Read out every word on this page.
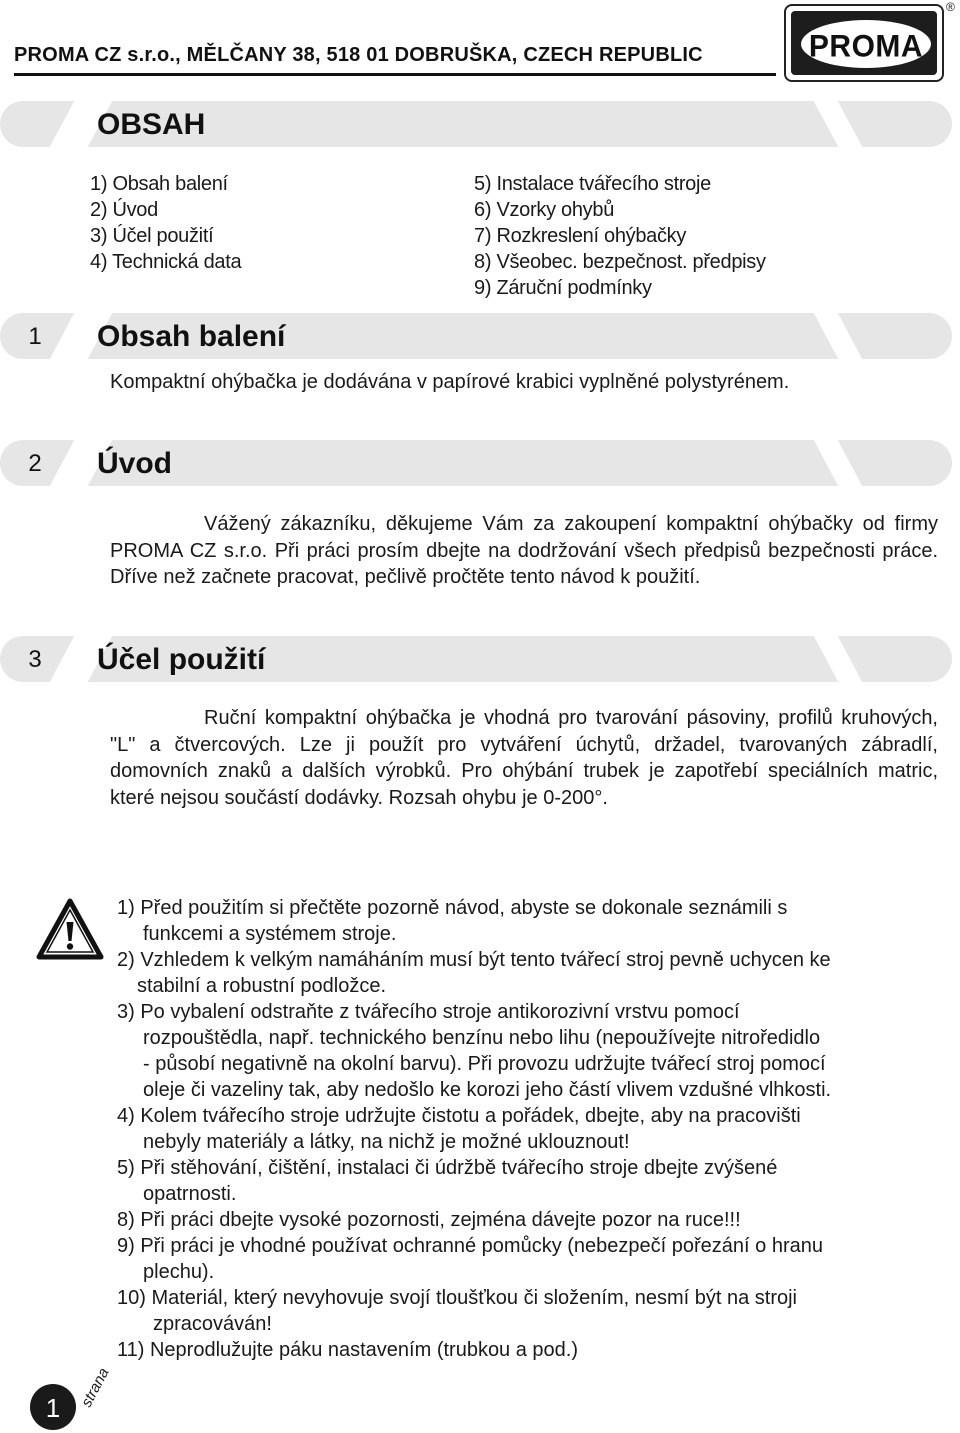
PROMA CZ s.r.o., MĚLČANY 38, 518 01 DOBRUŠKA, CZECH REPUBLIC	PROMA
®
OBSAH
1) Obsah balení
2) Úvod
3) Účel použití
4) Technická data
5) Instalace tvářecího stroje
6) Vzorky ohybů
7) Rozkreslení ohýbačky
8) Všeobec. bezpečnost. předpisy
9) Záruční podmínky
1	Obsah balení
Kompaktní ohýbačka je dodávána v papírové krabici vyplněné polystyrénem.
2	Úvod
Vážený zákazníku, děkujeme Vám za zakoupení kompaktní ohýbačky od firmy PROMA CZ s.r.o. Při práci prosím dbejte na dodržování všech předpisů bezpečnosti práce. Dříve než začnete pracovat, pečlivě pročtěte tento návod k použití.
3	Účel použití
Ruční kompaktní ohýbačka je vhodná pro tvarování pásoviny, profilů kruhových, "L" a čtvercových. Lze ji použít pro vytváření úchytů, držadel, tvarovaných zábradlí, domovních znaků a dalších výrobků. Pro ohýbání trubek je zapotřebí speciálních matric, které nejsou součástí dodávky. Rozsah ohybu je 0-200°.
1) Před použitím si přečtěte pozorně návod, abyste se dokonale seznámili s
funkcemi a systémem stroje.
2) Vzhledem k velkým namáháním musí být tento tvářecí stroj pevně uchycen ke
stabilní a robustní podložce.
3) Po vybalení odstraňte z tvářecího stroje antikorozivní vrstvu pomocí
rozpouštědla, např. technického benzínu nebo lihu (nepoužívejte nitroředidlo
- působí negativně na okolní barvu). Při provozu udržujte tvářecí stroj pomocí
oleje či vazeliny tak, aby nedošlo ke korozi jeho částí vlivem vzdušné vlhkosti.
4) Kolem tvářecího stroje udržujte čistotu a pořádek, dbejte, aby na pracovišti
nebyly materiály a látky, na nichž je možné uklouznout!
5) Při stěhování, čištění, instalaci či údržbě tvářecího stroje dbejte zvýšené
opatrnosti.
8) Při práci dbejte vysoké pozornosti, zejména dávejte pozor na ruce!!!
9) Při práci je vhodné používat ochranné pomůcky (nebezpečí pořezání o hranu
plechu).
10) Materiál, který nevyhovuje svojí tloušťkou či složením, nesmí být na stroji
zpracováván!
11) Neprodlužujte páku nastavením (trubkou a pod.)
1	strana
